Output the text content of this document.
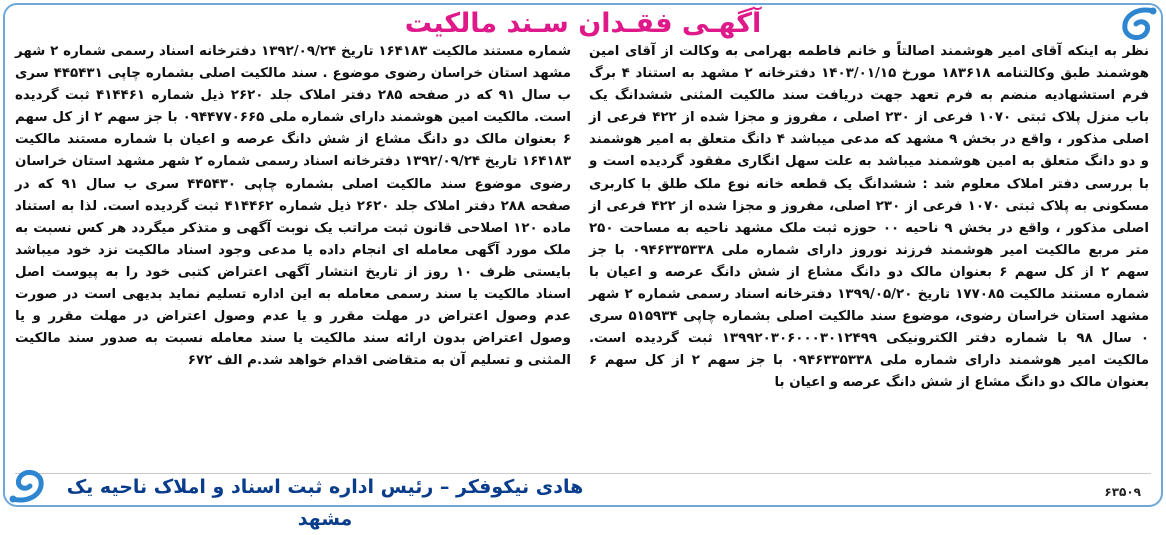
آگهـی فقـدان سـند مالکیت

نظر به اینکه آقای امیر هوشمند اصالتاً و خانم فاطمه بهرامی به وکالت از آقای امین هوشمند طبق وکالتنامه ۱۸۳۶۱۸ مورخ ۱۴۰۳/۰۱/۱۵ دفترخانه ۲ مشهد به استناد ۴ برگ فرم استشهادیه منضم به فرم تعهد جهت دریافت سند مالکیت المثنی ششدانگ یک باب منزل پلاک ثبتی ۱۰۷۰ فرعی از ۲۳۰ اصلی ، مفروز و مجزا شده از ۴۲۲ فرعی از اصلی مذکور ، واقع در بخش ۹ مشهد که مدعی میباشد ۴ دانگ متعلق به امیر هوشمند و دو دانگ متعلق به امین هوشمند میباشد به علت سهل انگاری مفقود گردیده است و با بررسی دفتر املاک معلوم شد : ششدانگ یک قطعه خانه نوع ملک طلق با کاربری مسکونی به پلاک ثبتی ۱۰۷۰ فرعی از ۲۳۰ اصلی، مفروز و مجزا شده از ۴۲۲ فرعی از اصلی مذکور ، واقع در بخش ۹ ناحیه ۰۰ حوزه ثبت ملک مشهد ناحیه به مساحت ۲۵۰ متر مربع مالکیت امیر هوشمند فرزند نوروز دارای شماره ملی ۰۹۴۶۳۳۵۳۳۸ با جز سهم ۲ از کل سهم ۶ بعنوان مالک دو دانگ مشاع از شش دانگ عرصه و اعیان با شماره مستند مالکیت ۱۷۷۰۸۵ تاریخ ۱۳۹۹/۰۵/۲۰ دفترخانه اسناد رسمی شماره ۲ شهر مشهد استان خراسان رضوی، موضوع سند مالکیت اصلی بشماره چاپی ۵۱۵۹۳۴ سری ۰ سال ۹۸ با شماره دفتر الکترونیکی ۱۳۹۹۲۰۳۰۶۰۰۰۳۰۱۲۴۹۹ ثبت گردیده است. مالکیت امیر هوشمند دارای شماره ملی ۰۹۴۶۳۳۵۳۳۸ با جز سهم ۲ از کل سهم ۶ بعنوان مالک دو دانگ مشاع از شش دانگ عرصه و اعیان با

شماره مستند مالکیت ۱۶۴۱۸۳ تاریخ ۱۳۹۲/۰۹/۲۴ دفترخانه اسناد رسمی شماره ۲ شهر مشهد استان خراسان رضوی موضوع . سند مالکیت اصلی بشماره چاپی ۴۴۵۴۳۱ سری ب سال ۹۱ که در صفحه ۲۸۵ دفتر املاک جلد ۲۶۲۰ ذیل شماره ۴۱۴۴۶۱ ثبت گردیده است. مالکیت امین هوشمند دارای شماره ملی ۰۹۴۴۷۷۰۶۶۵ با جز سهم ۲ از کل سهم ۶ بعنوان مالک دو دانگ مشاع از شش دانگ عرصه و اعیان با شماره مستند مالکیت ۱۶۴۱۸۳ تاریخ ۱۳۹۲/۰۹/۲۴ دفترخانه اسناد رسمی شماره ۲ شهر مشهد استان خراسان رضوی موضوع سند مالکیت اصلی بشماره چاپی ۴۴۵۴۳۰ سری ب سال ۹۱ که در صفحه ۲۸۸ دفتر املاک جلد ۲۶۲۰ ذیل شماره ۴۱۴۴۶۲ ثبت گردیده است. لذا به استناد ماده ۱۲۰ اصلاحی قانون ثبت مراتب یک نوبت آگهی و متذکر میگردد هر کس نسبت به ملک مورد آگهی معامله ای انجام داده یا مدعی وجود اسناد مالکیت نزد خود میباشد بایستی ظرف ۱۰ روز از تاریخ انتشار آگهی اعتراض کتبی خود را به پیوست اصل اسناد مالکیت یا سند رسمی معامله به این اداره تسلیم نماید بدیهی است در صورت عدم وصول اعتراض در مهلت مقرر و یا عدم وصول اعتراض در مهلت مقرر و یا وصول اعتراض بدون ارائه سند مالکیت یا سند معامله نسبت به صدور سند مالکیت المثنی و تسلیم آن به متقاضی اقدام خواهد شد.م الف ۶۷۲

هادی نیکوفکر – رئیس اداره ثبت اسناد و املاک ناحیه یک مشهد
۶۳۵۰۹
